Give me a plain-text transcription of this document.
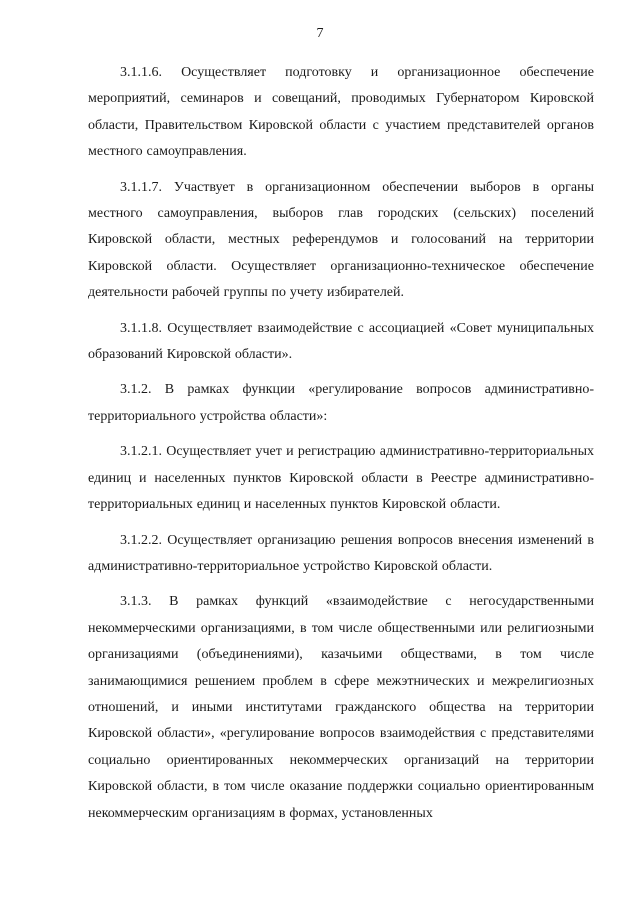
7

3.1.1.6. Осуществляет подготовку и организационное обеспечение мероприятий, семинаров и совещаний, проводимых Губернатором Кировской области, Правительством Кировской области с участием представителей органов местного самоуправления.

3.1.1.7. Участвует в организационном обеспечении выборов в органы местного самоуправления, выборов глав городских (сельских) поселений Кировской области, местных референдумов и голосований на территории Кировской области. Осуществляет организационно-техническое обеспечение деятельности рабочей группы по учету избирателей.

3.1.1.8. Осуществляет взаимодействие с ассоциацией «Совет муниципальных образований Кировской области».

3.1.2. В рамках функции «регулирование вопросов административно-территориального устройства области»:

3.1.2.1. Осуществляет учет и регистрацию административно-территориальных единиц и населенных пунктов Кировской области в Реестре административно-территориальных единиц и населенных пунктов Кировской области.

3.1.2.2. Осуществляет организацию решения вопросов внесения изменений в административно-территориальное устройство Кировской области.

3.1.3. В рамках функций «взаимодействие с негосударственными некоммерческими организациями, в том числе общественными или религиозными организациями (объединениями), казачьими обществами, в том числе занимающимися решением проблем в сфере межэтнических и межрелигиозных отношений, и иными институтами гражданского общества на территории Кировской области», «регулирование вопросов взаимодействия с представителями социально ориентированных некоммерческих организаций на территории Кировской области, в том числе оказание поддержки социально ориентированным некоммерческим организациям в формах, установленных
